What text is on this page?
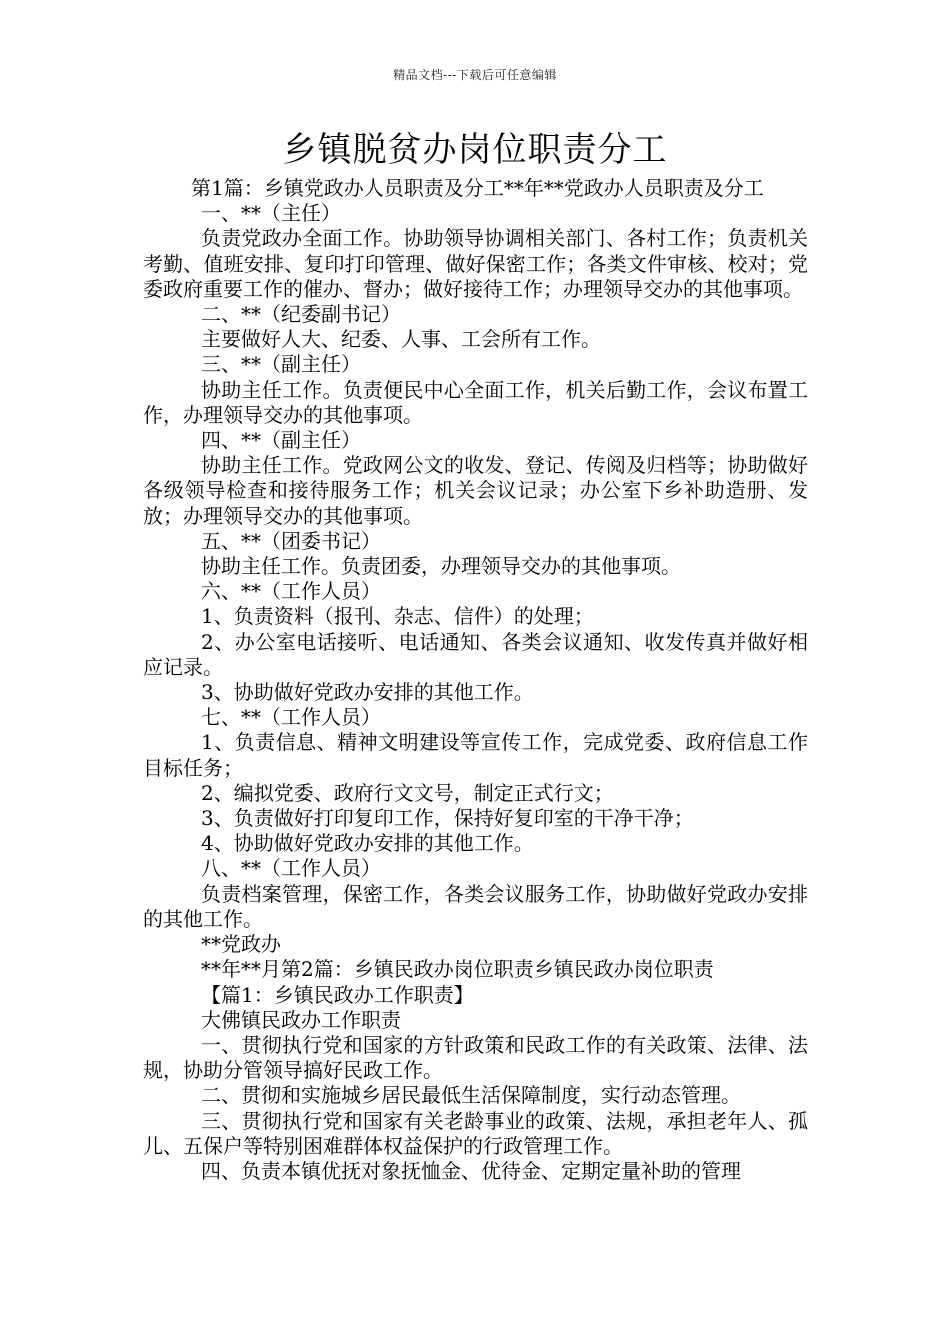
精品文档---下载后可任意编辑
乡镇脱贫办岗位职责分工

第1篇：乡镇党政办人员职责及分工**年**党政办人员职责及分工

一、**（主任）

负责党政办全面工作。协助领导协调相关部门、各村工作；负责机关考勤、值班安排、复印打印管理、做好保密工作；各类文件审核、校对；党委政府重要工作的催办、督办；做好接待工作；办理领导交办的其他事项。

二、**（纪委副书记）

主要做好人大、纪委、人事、工会所有工作。

三、**（副主任）

协助主任工作。负责便民中心全面工作，机关后勤工作，会议布置工作，办理领导交办的其他事项。

四、**（副主任）

协助主任工作。党政网公文的收发、登记、传阅及归档等；协助做好各级领导检查和接待服务工作；机关会议记录；办公室下乡补助造册、发放；办理领导交办的其他事项。

五、**（团委书记）

协助主任工作。负责团委，办理领导交办的其他事项。

六、**（工作人员）

1、负责资料（报刊、杂志、信件）的处理；

2、办公室电话接听、电话通知、各类会议通知、收发传真并做好相应记录。

3、协助做好党政办安排的其他工作。

七、**（工作人员）

1、负责信息、精神文明建设等宣传工作，完成党委、政府信息工作目标任务；

2、编拟党委、政府行文文号，制定正式行文；

3、负责做好打印复印工作，保持好复印室的干净干净；

4、协助做好党政办安排的其他工作。

八、**（工作人员）

负责档案管理，保密工作，各类会议服务工作，协助做好党政办安排的其他工作。

**党政办

**年**月第2篇：乡镇民政办岗位职责乡镇民政办岗位职责

【篇1：乡镇民政办工作职责】

大佛镇民政办工作职责

一、贯彻执行党和国家的方针政策和民政工作的有关政策、法律、法规，协助分管领导搞好民政工作。

二、贯彻和实施城乡居民最低生活保障制度，实行动态管理。

三、贯彻执行党和国家有关老龄事业的政策、法规，承担老年人、孤儿、五保户等特别困难群体权益保护的行政管理工作。

四、负责本镇优抚对象抚恤金、优待金、定期定量补助的管理
